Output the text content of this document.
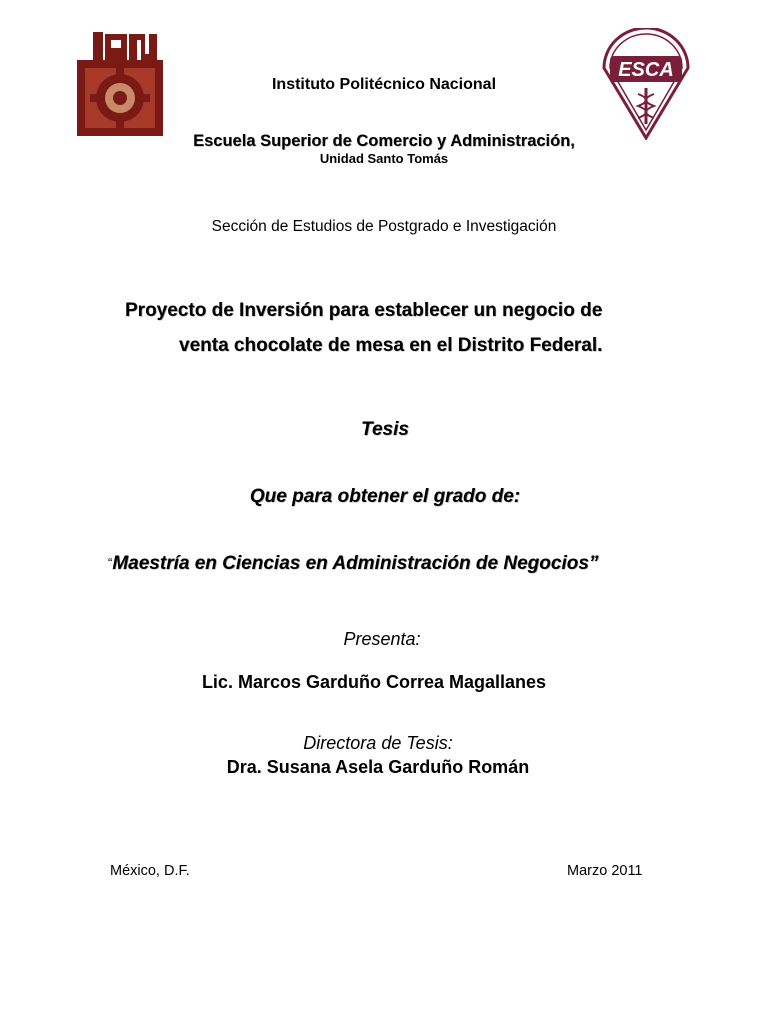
ESCA
Instituto Politécnico Nacional
Escuela Superior de Comercio y Administración,
Unidad Santo Tomás
Sección de Estudios de Postgrado e Investigación
Proyecto de Inversión para establecer un negocio de
venta chocolate de mesa en el Distrito Federal.
Tesis
Que para obtener el grado de:
“Maestría en Ciencias en Administración de Negocios”
Presenta:
Lic. Marcos Garduño Correa Magallanes
Directora de Tesis:
Dra. Susana Asela Garduño Román
México, D.F.	Marzo 2011
